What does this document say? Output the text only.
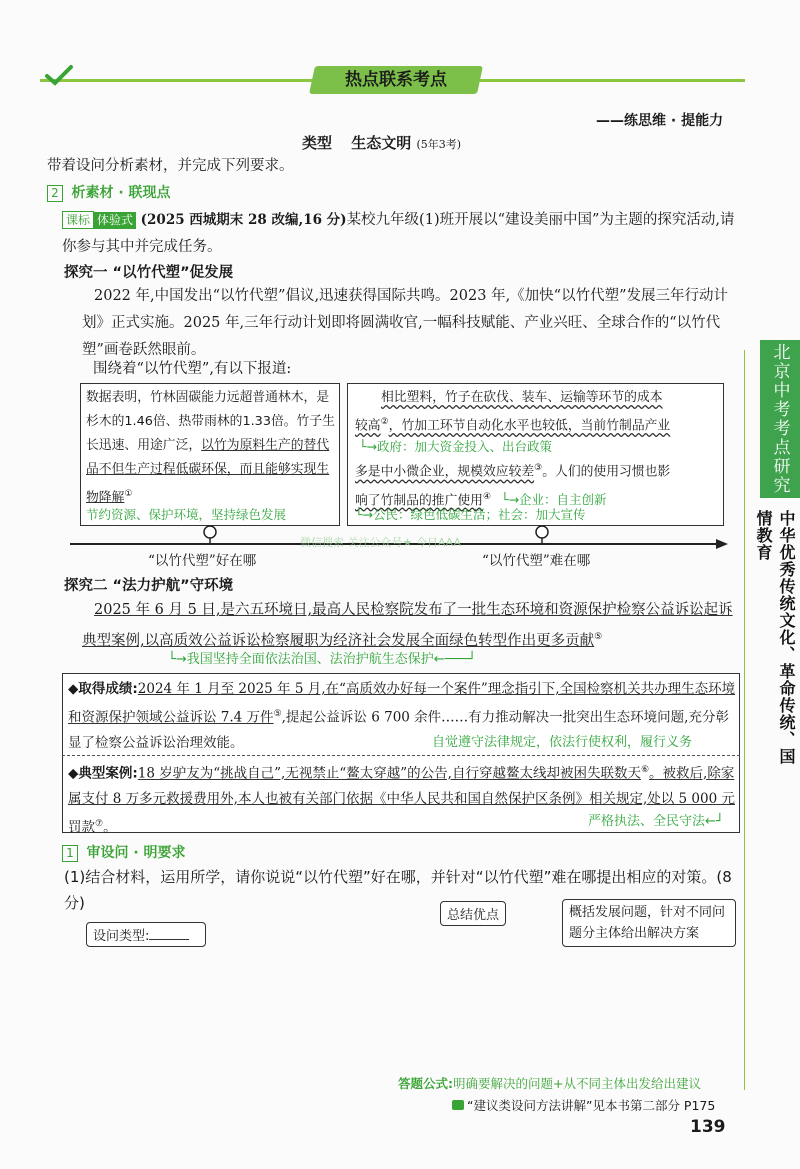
热点联系考点
——练思维 · 提能力
类型 生态文明 (5年3考)
带着设问分析素材，并完成下列要求。
2 析素材 · 联现点
课标 体验式 (2025 西城期末 28 改编,16 分)某校九年级(1)班开展以“建设美丽中国”为主题的探究活动,请你参与其中并完成任务。
探究一 “以竹代塑”促发展
2022 年,中国发出“以竹代塑”倡议,迅速获得国际共鸣。2023 年,《加快“以竹代塑”发展三年行动计划》正式实施。2025 年,三年行动计划即将圆满收官,一幅科技赋能、产业兴旺、全球合作的“以竹代塑”画卷跃然眼前。
围绕着“以竹代塑”,有以下报道:
数据表明，竹林固碳能力远超普通林木，是杉木的1.46倍、热带雨林的1.33倍。竹子生长迅速、用途广泛，以竹为原料生产的替代品不但生产过程低碳环保，而且能够实现生物降解①
节约资源、保护环境，坚持绿色发展
相比塑料，竹子在砍伐、装车、运输等环节的成本
较高②，竹加工环节自动化水平也较低，当前竹制品产业
└→政府：加大资金投入、出台政策
多是中小微企业，规模效应较差③。人们的使用习惯也影
响了竹制品的推广使用④ └→企业：自主创新
└→公民：绿色低碳生活；社会：加大宣传
“以竹代塑”好在哪	“以竹代塑”难在哪
微信搜索 关注公众号★ 今日AAA
探究二 “法力护航”守环境
2025 年 6 月 5 日,是六五环境日,最高人民检察院发布了一批生态环境和资源保护检察公益诉讼起诉典型案例,以高质效公益诉讼检察履职为经济社会发展全面绿色转型作出更多贡献⑤
└→我国坚持全面依法治国、法治护航生态保护←───┘
◆取得成绩:2024 年 1 月至 2025 年 5 月,在“高质效办好每一个案件”理念指引下,全国检察机关共办理生态环境和资源保护领域公益诉讼 7.4 万件⑤,提起公益诉讼 6 700 余件……有力推动解决一批突出生态环境问题,充分彰显了检察公益诉讼治理效能。	自觉遵守法律规定，依法行使权利，履行义务
◆典型案例:18 岁驴友为“挑战自己”,无视禁止“鳌太穿越”的公告,自行穿越鳌太线却被困失联数天⑥。被救后,除家属支付 8 万多元救援费用外,本人也被有关部门依据《中华人民共和国自然保护区条例》相关规定,处以 5 000 元罚款⑦。	严格执法、全民守法←┘
1 审设问 · 明要求
(1)结合材料，运用所学，请你说说“以竹代塑”好在哪，并针对“以竹代塑”难在哪提出相应的对策。(8分)
设问类型:
总结优点	概括发展问题，针对不同问题分主体给出解决方案
答题公式:明确要解决的问题+从不同主体出发给出建议
“建议类设问方法讲解”见本书第二部分 P175
139
北京中考考点研究
中华优秀传统文化、革命传统、国情教育
